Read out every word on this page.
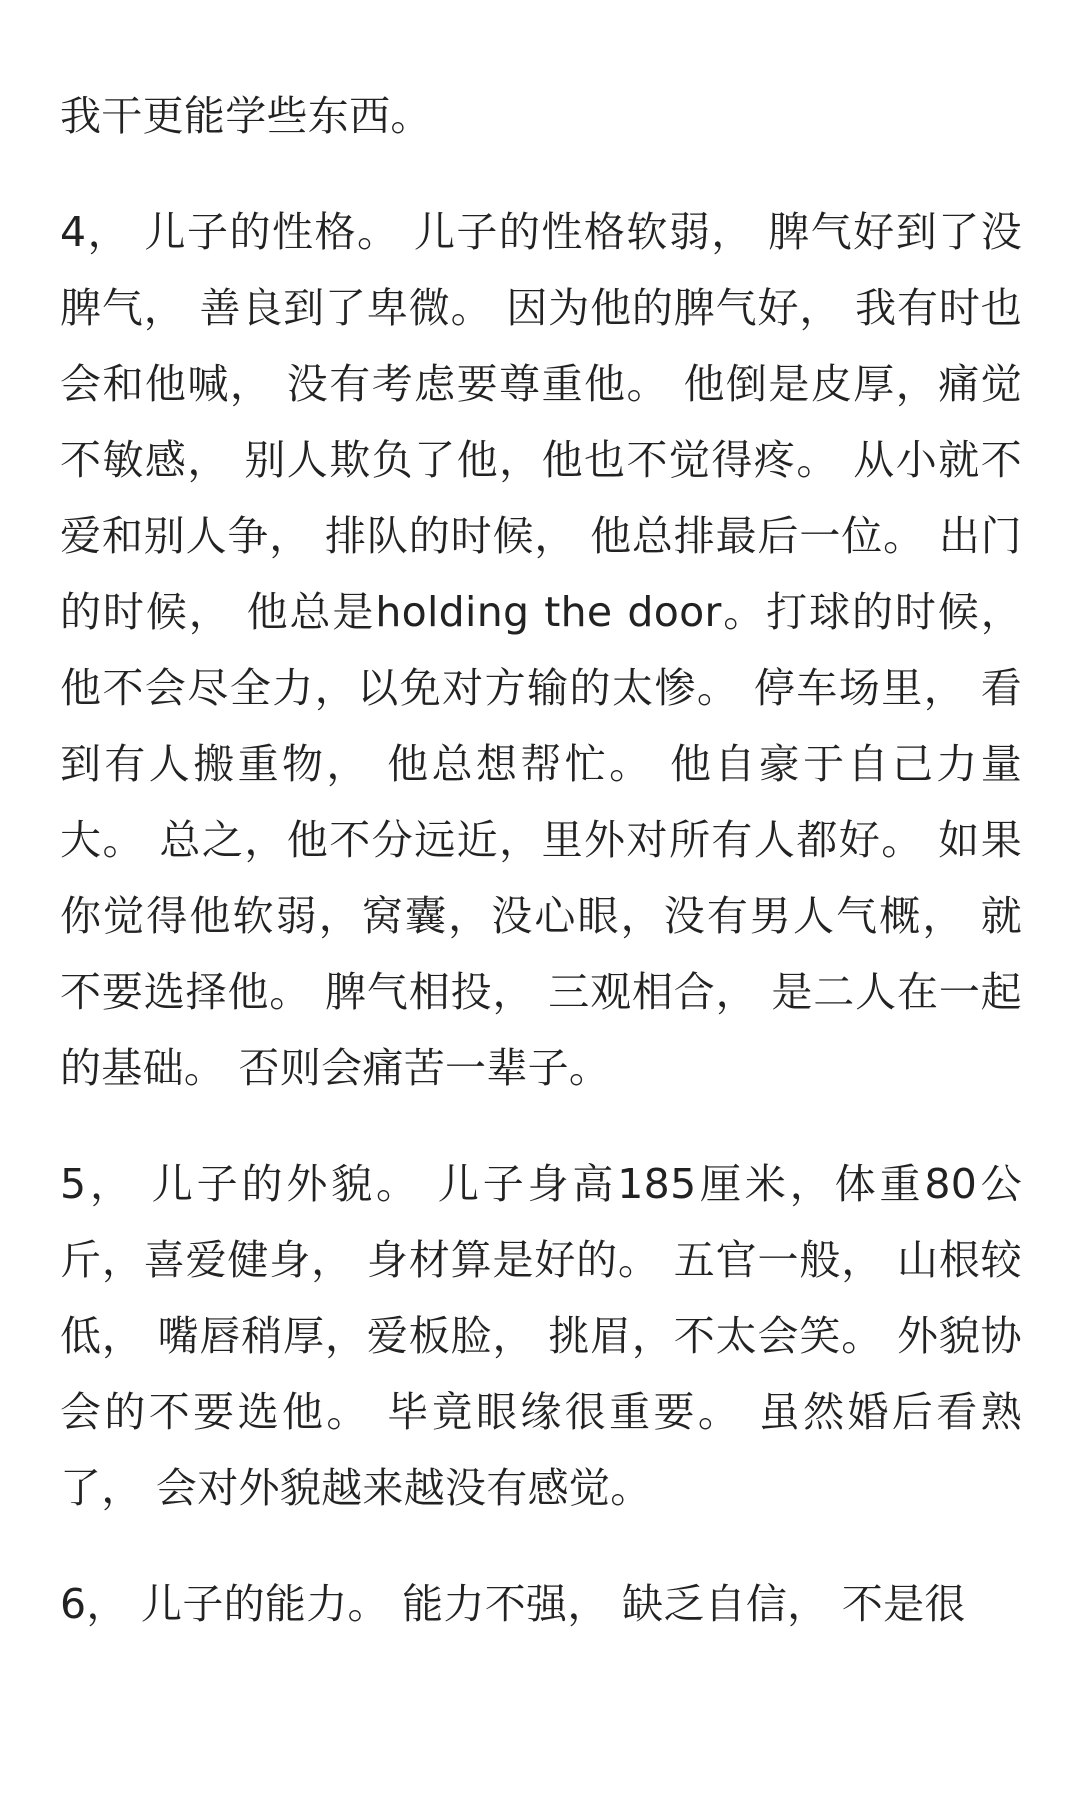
我干更能学些东西。

4， 儿子的性格。 儿子的性格软弱， 脾气好到了没脾气， 善良到了卑微。 因为他的脾气好， 我有时也会和他喊， 没有考虑要尊重他。 他倒是皮厚，痛觉不敏感， 别人欺负了他，他也不觉得疼。 从小就不爱和别人争， 排队的时候， 他总排最后一位。 出门的时候， 他总是holding the door。打球的时候， 他不会尽全力，以免对方输的太惨。 停车场里， 看到有人搬重物， 他总想帮忙。 他自豪于自己力量大。 总之，他不分远近，里外对所有人都好。 如果你觉得他软弱，窝囊，没心眼，没有男人气概， 就不要选择他。 脾气相投， 三观相合， 是二人在一起的基础。 否则会痛苦一辈子。

5， 儿子的外貌。 儿子身高185厘米，体重80公斤，喜爱健身， 身材算是好的。 五官一般， 山根较低， 嘴唇稍厚，爱板脸， 挑眉，不太会笑。 外貌协会的不要选他。 毕竟眼缘很重要。 虽然婚后看熟了， 会对外貌越来越没有感觉。

6， 儿子的能力。 能力不强， 缺乏自信， 不是很
